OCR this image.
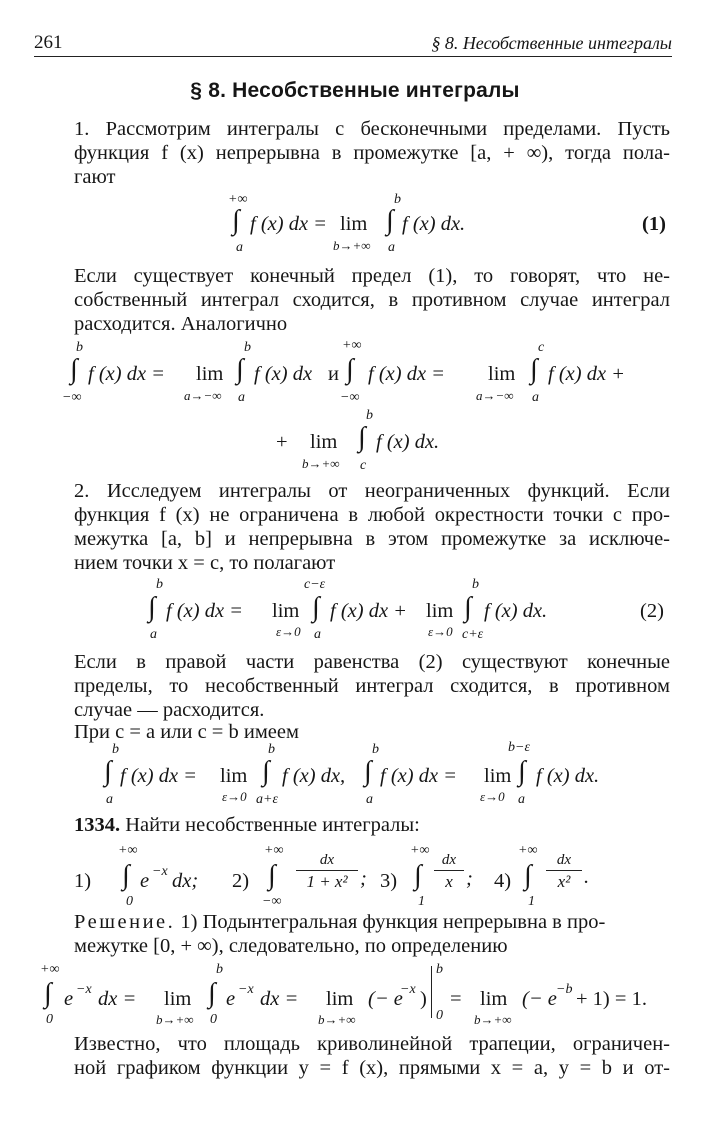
261	§ 8. Несобственные интегралы
§ 8. Несобственные интегралы
1. Рассмотрим интегралы с бесконечными пределами. Пусть
функция f (x) непрерывна в промежутке [a, + ∞), тогда пола-
гают
+∞
∫
a
f (x) dx = lim
b→+∞
b
∫
a
f (x) dx.	(1)
Если существует конечный предел (1), то говорят, что не-
собственный интеграл сходится, в противном случае интеграл
расходится. Аналогично
b
∫
−∞
f (x) dx = lim
a→−∞
b
∫
a
f (x) dx и
+∞
∫
−∞
f (x) dx = lim
a→−∞
c
∫
a
f (x) dx +
+ lim
b→+∞
b
∫
c
f (x) dx.
2. Исследуем интегралы от неограниченных функций. Если
функция f (x) не ограничена в любой окрестности точки c про-
межутка [a, b] и непрерывна в этом промежутке за исключе-
нием точки x = c, то полагают
b
∫
a
f (x) dx = lim
ε→0
c−ε
∫
a
f (x) dx + lim
ε→0
b
∫
c+ε
f (x) dx.	(2)
Если в правой части равенства (2) существуют конечные
пределы, то несобственный интеграл сходится, в противном
случае — расходится.
При c = a или c = b имеем
b
∫
a
f (x) dx = lim
ε→0
b
∫
a+ε
f (x) dx,
b
∫
a
f (x) dx = lim
ε→0
b−ε
∫
a
f (x) dx.
1334. Найти несобственные интегралы:
1)
+∞
∫
0
e −x dx; 2)
+∞
∫
−∞
dx
1 + x² ; 3)
+∞
∫
1
dx
x ; 4)
+∞
∫
1
dx
x² .
Решение. 1) Подынтегральная функция непрерывна в про-
межутке [0, + ∞), следовательно, по определению
+∞
∫
0
e −x dx = lim
b→+∞
b
∫
0
e −x dx = lim
b→+∞
(− e
−x )
b
0
= lim
b→+∞
(− e −b + 1) = 1.
Известно, что площадь криволинейной трапеции, ограничен-
ной графиком функции y = f (x), прямыми x = a, y = b и от-
